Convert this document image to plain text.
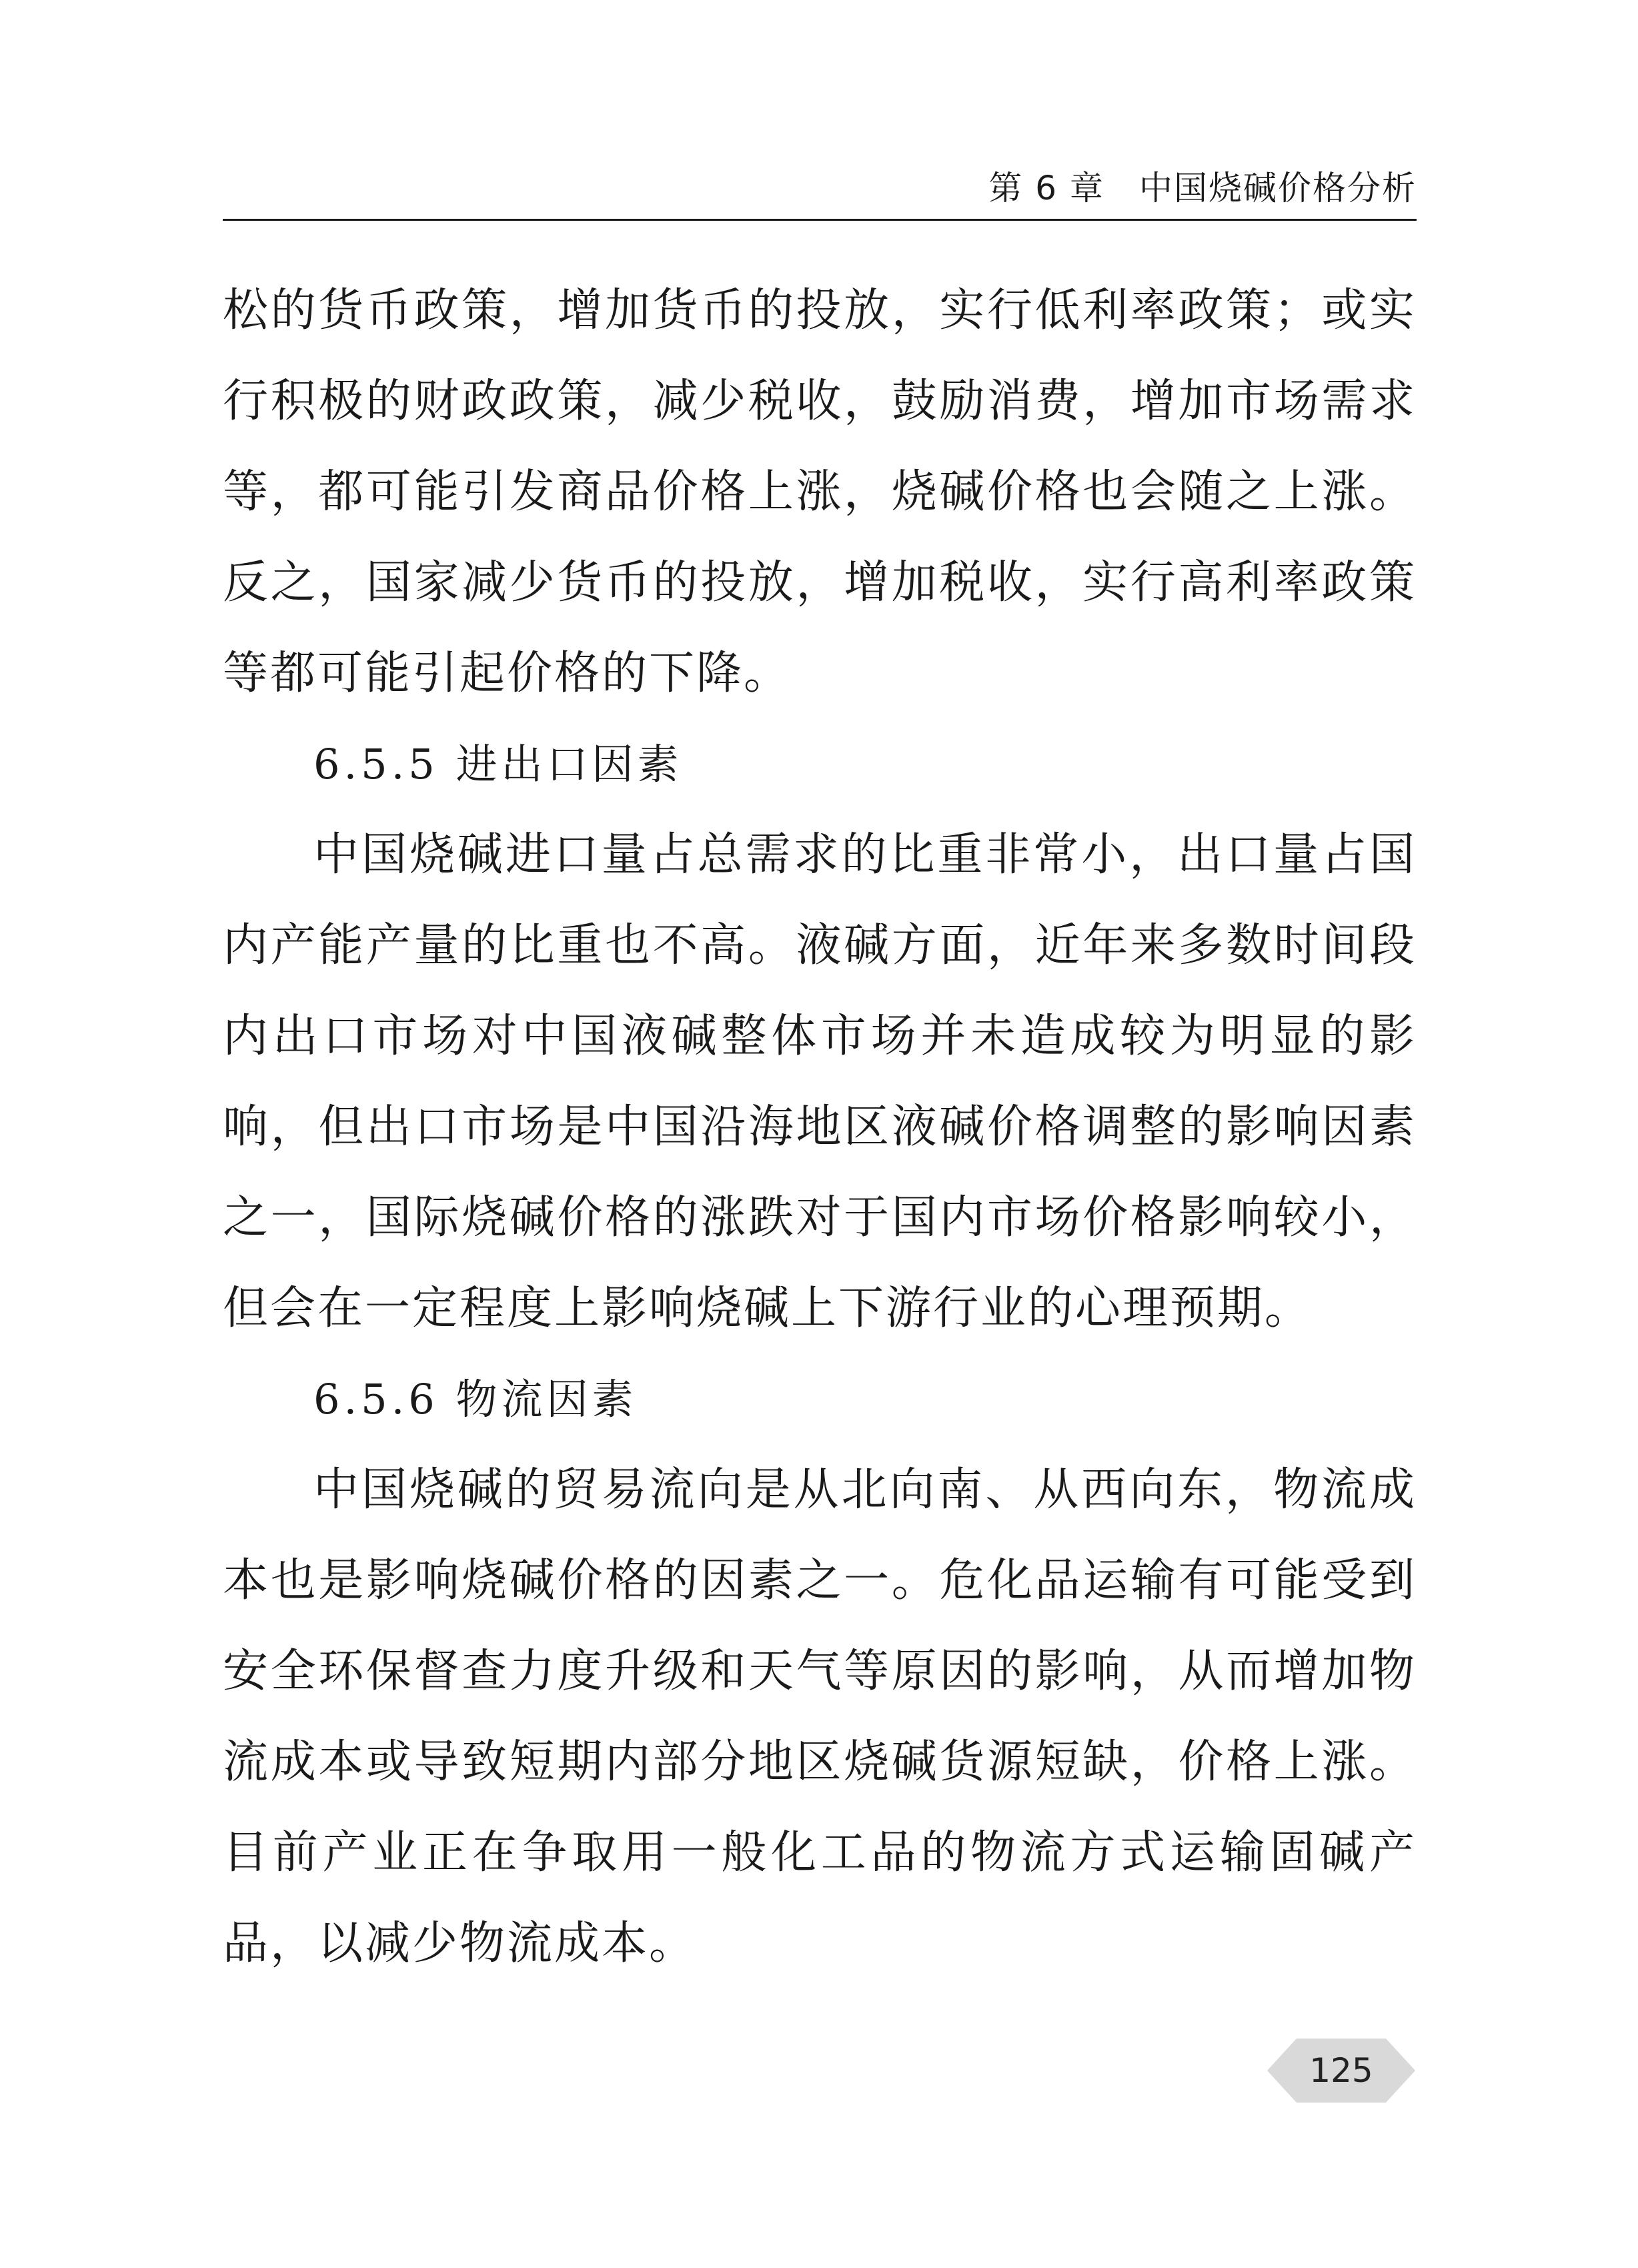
第 6 章　中国烧碱价格分析

松的货币政策，增加货币的投放，实行低利率政策；或实行积极的财政政策，减少税收，鼓励消费，增加市场需求等，都可能引发商品价格上涨，烧碱价格也会随之上涨。反之，国家减少货币的投放，增加税收，实行高利率政策等都可能引起价格的下降。

6.5.5 进出口因素

中国烧碱进口量占总需求的比重非常小，出口量占国内产能产量的比重也不高。液碱方面，近年来多数时间段内出口市场对中国液碱整体市场并未造成较为明显的影响，但出口市场是中国沿海地区液碱价格调整的影响因素之一，国际烧碱价格的涨跌对于国内市场价格影响较小，但会在一定程度上影响烧碱上下游行业的心理预期。

6.5.6 物流因素

中国烧碱的贸易流向是从北向南、从西向东，物流成本也是影响烧碱价格的因素之一。危化品运输有可能受到安全环保督查力度升级和天气等原因的影响，从而增加物流成本或导致短期内部分地区烧碱货源短缺，价格上涨。目前产业正在争取用一般化工品的物流方式运输固碱产品，以减少物流成本。

125
